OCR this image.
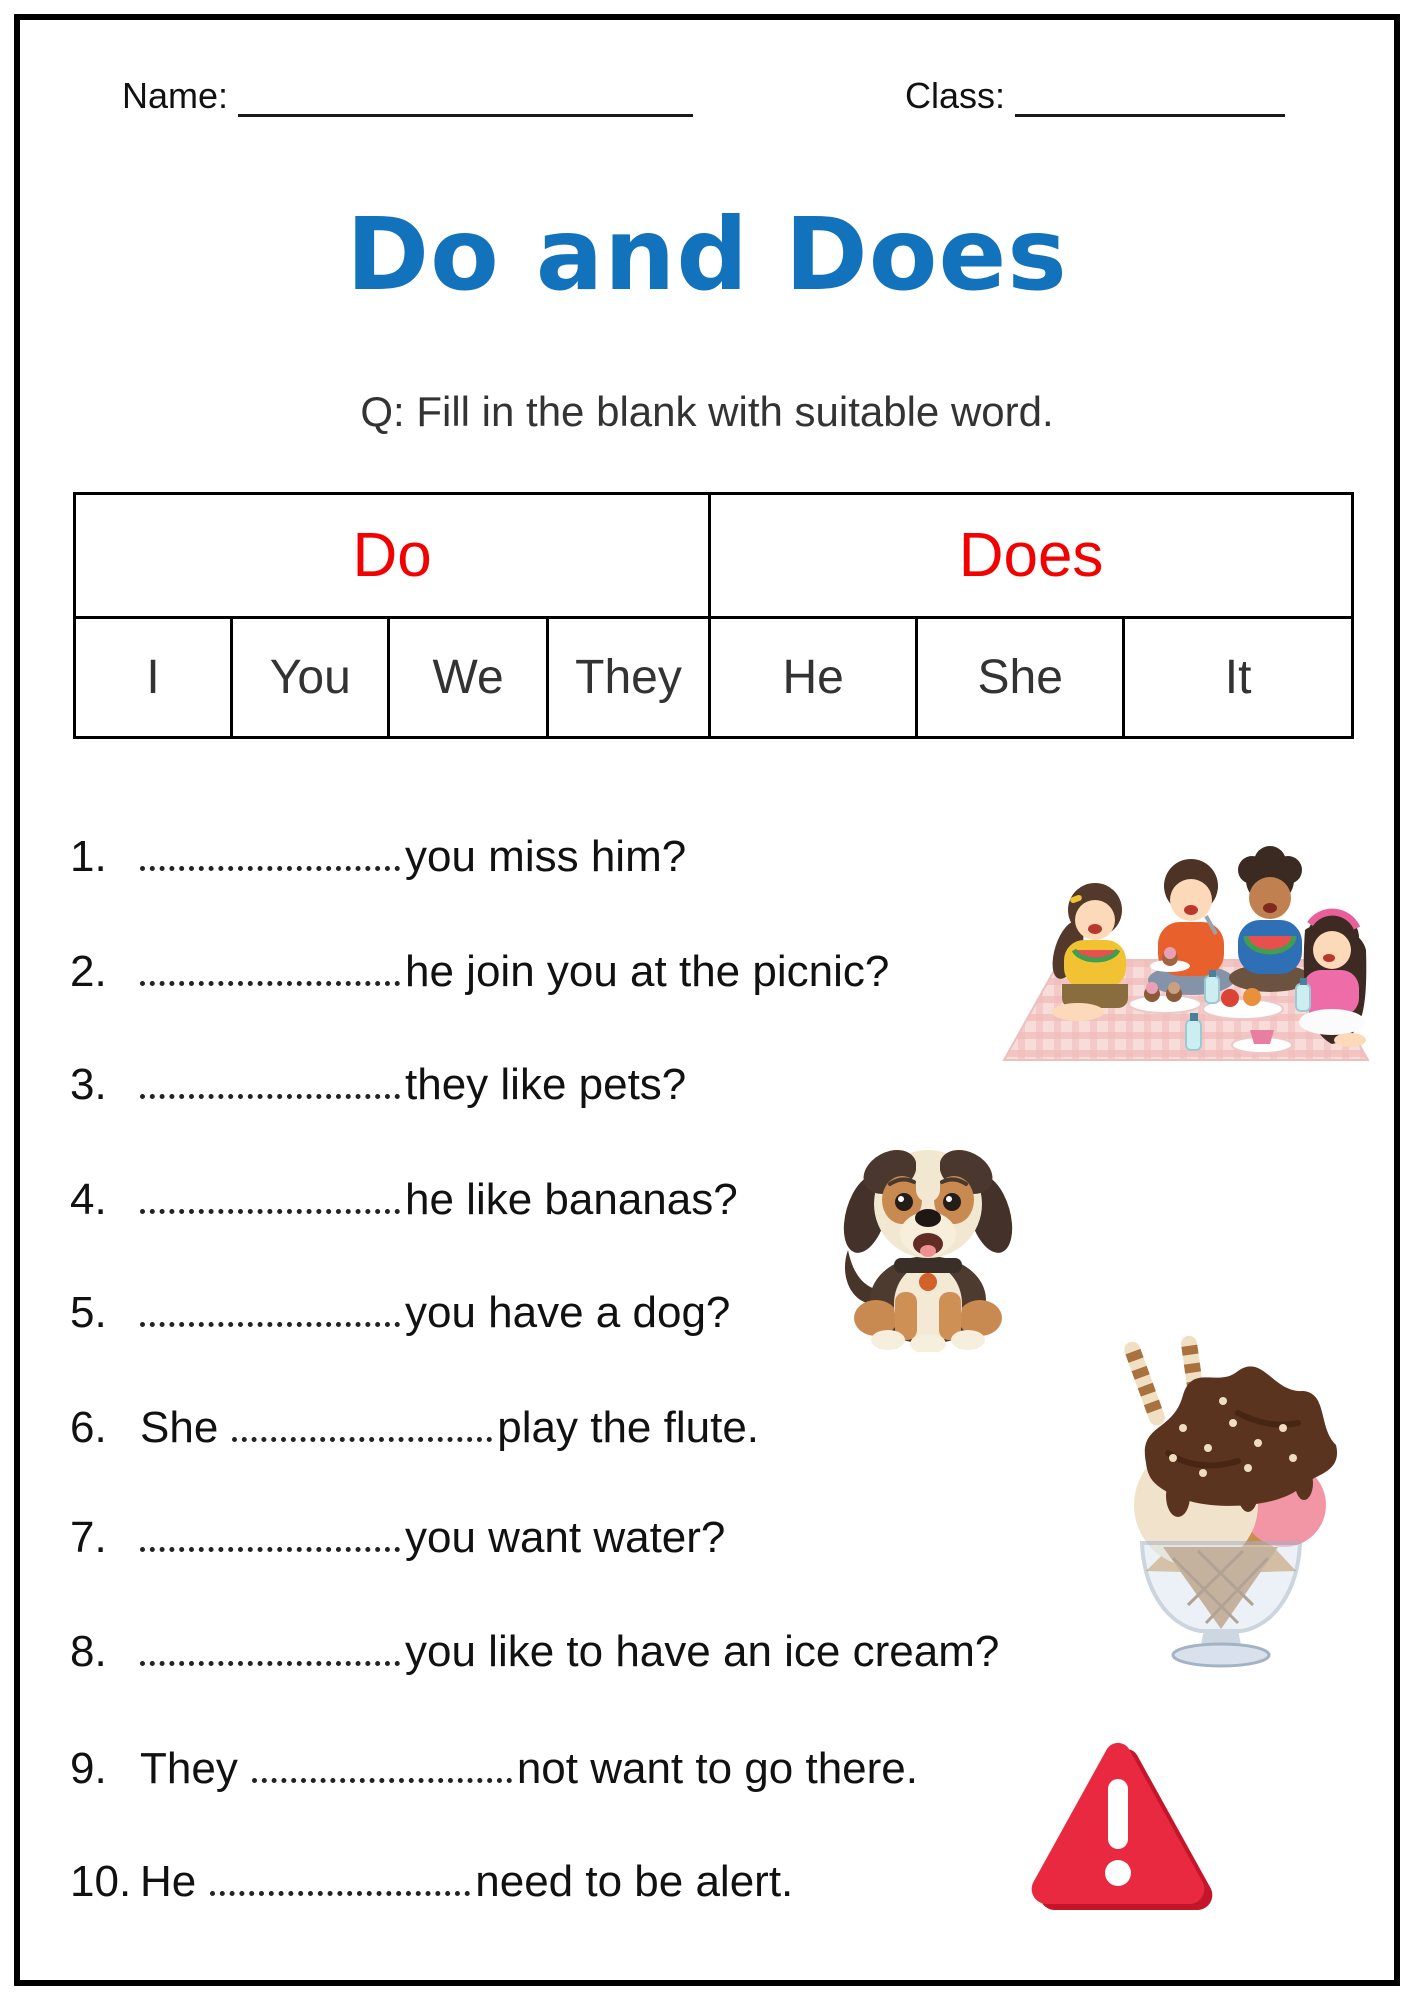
Name:	Class:
Do and Does
Q: Fill in the blank with suitable word.
Do				Does		
I	You	We	They	He	She	It
1.	you miss him?
2.	he join you at the picnic?
3.	they like pets?
4.	he like bananas?
5.	you have a dog?
6. She	play the flute.
7.	you want water?
8.	you like to have an ice cream?
9. They	not want to go there.
10. He	need to be alert.
